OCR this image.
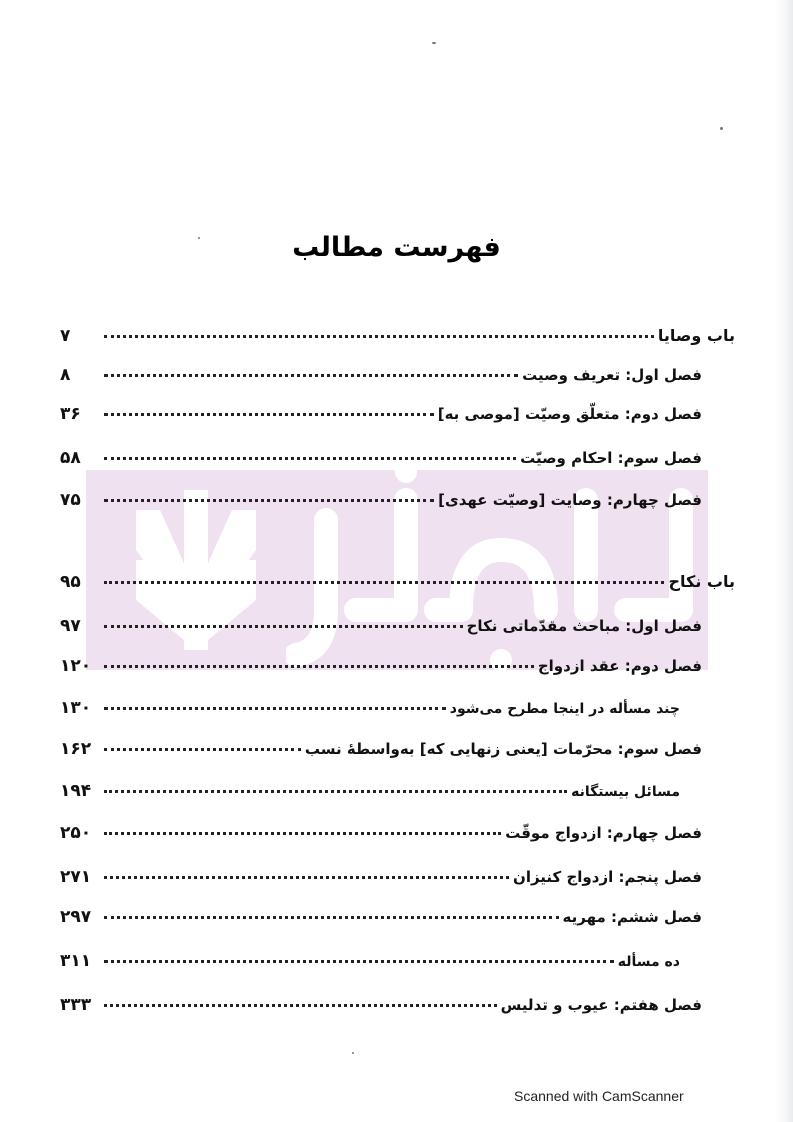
فهرست مطالب
باب وصایا
۷
فصل اول: تعریف وصیت
۸
فصل دوم: متعلّق وصیّت [موصی به]
۳۶
فصل سوم: احکام وصیّت
۵۸
فصل چهارم: وصایت [وصیّت عهدی]
۷۵
باب نکاح
۹۵
فصل اول: مباحث مقدّماتی نکاح
۹۷
فصل دوم: عقد ازدواج
۱۲۰
چند مسأله در اینجا مطرح می‌شود
۱۳۰
فصل سوم: محرّمات [یعنی زنهایی که] به‌واسطهٔ نسب
۱۶۲
مسائل بیستگانه
۱۹۴
فصل چهارم: ازدواج موقّت
۲۵۰
فصل پنجم: ازدواج کنیزان
۲۷۱
فصل ششم: مهریه
۲۹۷
ده مسأله
۳۱۱
فصل هفتم: عیوب و تدلیس
۳۳۳
Scanned with CamScanner
